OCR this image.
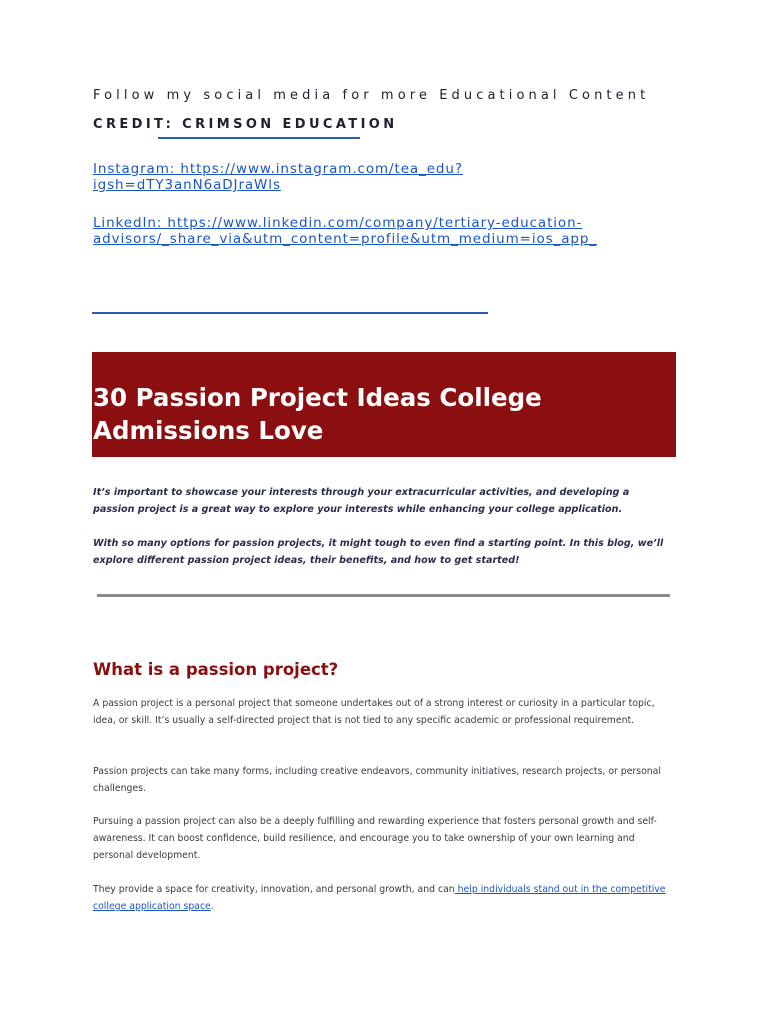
Follow my social media for more Educational Content
CREDIT: CRIMSON EDUCATION
Instagram: https://www.instagram.com/tea_edu?
igsh=dTY3anN6aDJraWls
LinkedIn: https://www.linkedin.com/company/tertiary-education-
advisors/_share_via&utm_content=profile&utm_medium=ios_app_
30 Passion Project Ideas College
Admissions Love

It’s important to showcase your interests through your extracurricular activities, and developing a passion project is a great way to explore your interests while enhancing your college application.

With so many options for passion projects, it might tough to even find a starting point. In this blog, we’ll explore different passion project ideas, their benefits, and how to get started!

What is a passion project?

A passion project is a personal project that someone undertakes out of a strong interest or curiosity in a particular topic, idea, or skill. It’s usually a self-directed project that is not tied to any specific academic or professional requirement.

Passion projects can take many forms, including creative endeavors, community initiatives, research projects, or personal challenges.

Pursuing a passion project can also be a deeply fulfilling and rewarding experience that fosters personal growth and self-awareness. It can boost confidence, build resilience, and encourage you to take ownership of your own learning and personal development.

They provide a space for creativity, innovation, and personal growth, and can help individuals stand out in the competitive college application space.
